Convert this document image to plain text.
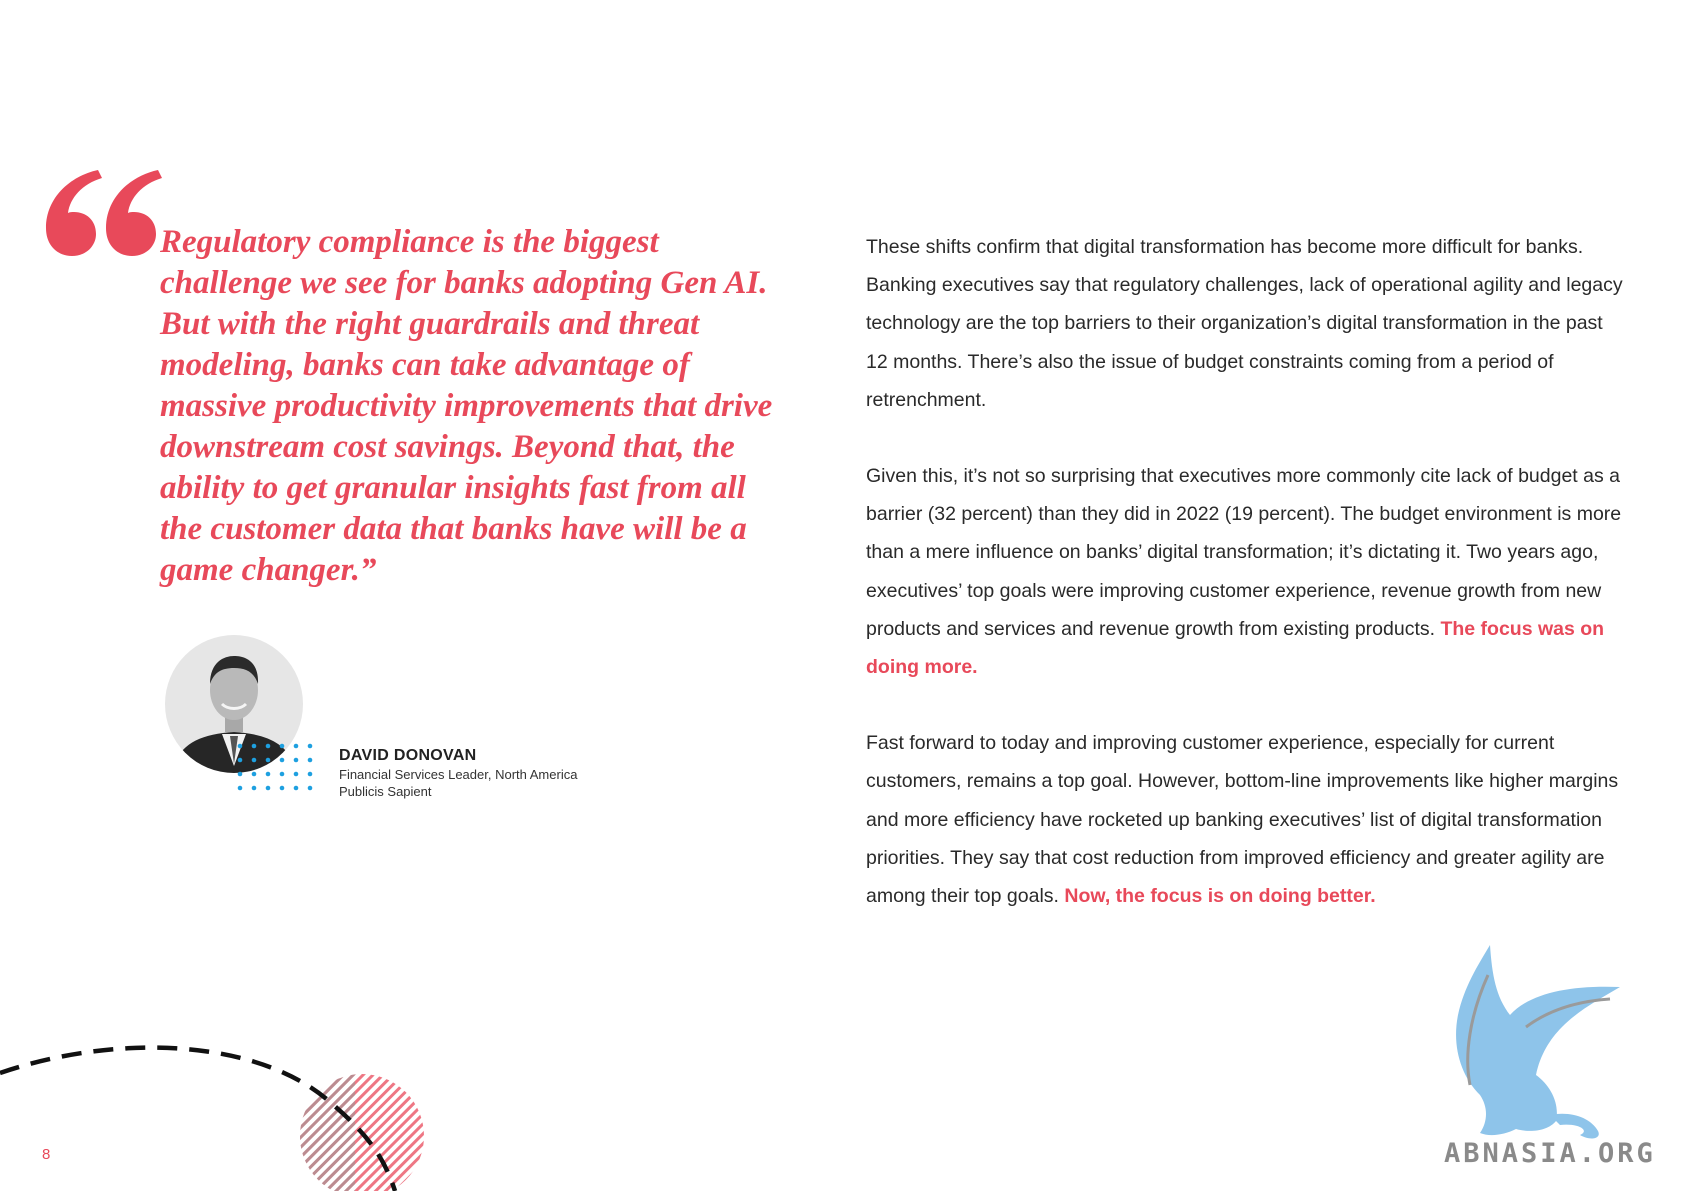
Regulatory compliance is the biggest challenge we see for banks adopting Gen AI. But with the right guardrails and threat modeling, banks can take advantage of massive productivity improvements that drive downstream cost savings. Beyond that, the ability to get granular insights fast from all the customer data that banks have will be a game changer.”

DAVID DONOVAN
Financial Services Leader, North America
Publicis Sapient

These shifts confirm that digital transformation has become more difficult for banks. Banking executives say that regulatory challenges, lack of operational agility and legacy technology are the top barriers to their organization’s digital transformation in the past 12 months. There’s also the issue of budget constraints coming from a period of retrenchment.

Given this, it’s not so surprising that executives more commonly cite lack of budget as a barrier (32 percent) than they did in 2022 (19 percent). The budget environment is more than a mere influence on banks’ digital transformation; it’s dictating it. Two years ago, executives’ top goals were improving customer experience, revenue growth from new products and services and revenue growth from existing products. The focus was on doing more.

Fast forward to today and improving customer experience, especially for current customers, remains a top goal. However, bottom-line improvements like higher margins and more efficiency have rocketed up banking executives’ list of digital transformation priorities. They say that cost reduction from improved efficiency and greater agility are among their top goals. Now, the focus is on doing better.

8	ABNASIA.ORG
